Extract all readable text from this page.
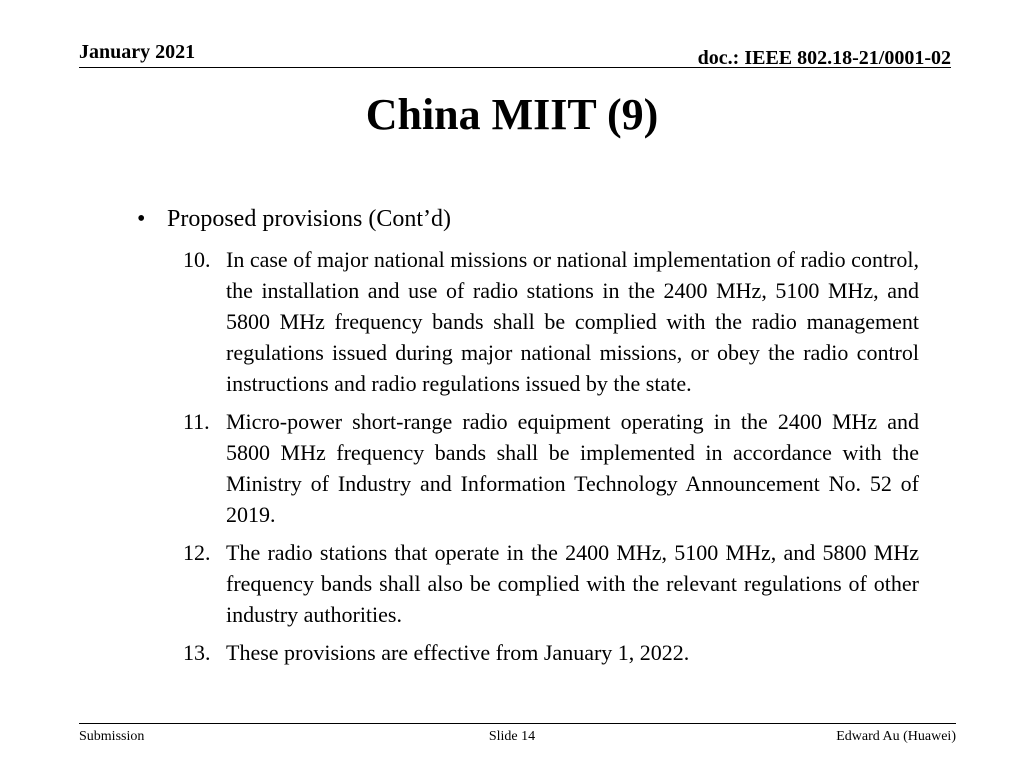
January 2021	doc.: IEEE 802.18-21/0001-02
China MIIT (9)
• Proposed provisions (Cont’d)
10. In case of major national missions or national implementation of radio control, the installation and use of radio stations in the 2400 MHz, 5100 MHz, and 5800 MHz frequency bands shall be complied with the radio management regulations issued during major national missions, or obey the radio control instructions and radio regulations issued by the state.
11. Micro-power short-range radio equipment operating in the 2400 MHz and 5800 MHz frequency bands shall be implemented in accordance with the Ministry of Industry and Information Technology Announcement No. 52 of 2019.
12. The radio stations that operate in the 2400 MHz, 5100 MHz, and 5800 MHz frequency bands shall also be complied with the relevant regulations of other industry authorities.
13. These provisions are effective from January 1, 2022.
Submission	Slide 14	Edward Au (Huawei)
